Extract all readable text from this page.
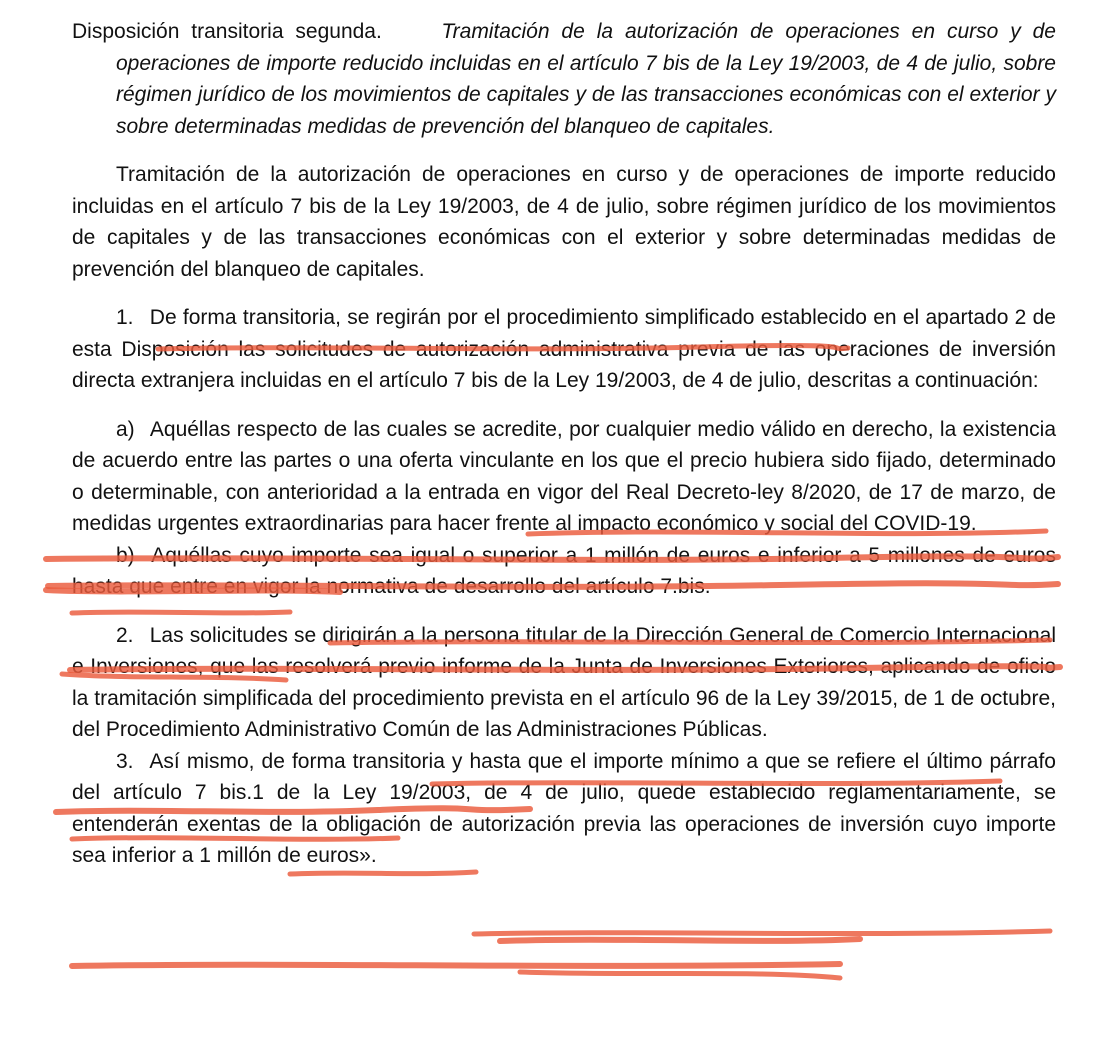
Disposición transitoria segunda.	Tramitación de la autorización de operaciones en curso y de operaciones de importe reducido incluidas en el artículo 7 bis de la Ley 19/2003, de 4 de julio, sobre régimen jurídico de los movimientos de capitales y de las transacciones económicas con el exterior y sobre determinadas medidas de prevención del blanqueo de capitales.

Tramitación de la autorización de operaciones en curso y de operaciones de importe reducido incluidas en el artículo 7 bis de la Ley 19/2003, de 4 de julio, sobre régimen jurídico de los movimientos de capitales y de las transacciones económicas con el exterior y sobre determinadas medidas de prevención del blanqueo de capitales.

1. De forma transitoria, se regirán por el procedimiento simplificado establecido en el apartado 2 de esta Disposición las solicitudes de autorización administrativa previa de las operaciones de inversión directa extranjera incluidas en el artículo 7 bis de la Ley 19/2003, de 4 de julio, descritas a continuación:

a) Aquéllas respecto de las cuales se acredite, por cualquier medio válido en derecho, la existencia de acuerdo entre las partes o una oferta vinculante en los que el precio hubiera sido fijado, determinado o determinable, con anterioridad a la entrada en vigor del Real Decreto-ley 8/2020, de 17 de marzo, de medidas urgentes extraordinarias para hacer frente al impacto económico y social del COVID-19.

b) Aquéllas cuyo importe sea igual o superior a 1 millón de euros e inferior a 5 millones de euros hasta que entre en vigor la normativa de desarrollo del artículo 7.bis.

2. Las solicitudes se dirigirán a la persona titular de la Dirección General de Comercio Internacional e Inversiones, que las resolverá previo informe de la Junta de Inversiones Exteriores, aplicando de oficio la tramitación simplificada del procedimiento prevista en el artículo 96 de la Ley 39/2015, de 1 de octubre, del Procedimiento Administrativo Común de las Administraciones Públicas.

3. Así mismo, de forma transitoria y hasta que el importe mínimo a que se refiere el último párrafo del artículo 7 bis.1 de la Ley 19/2003, de 4 de julio, quede establecido reglamentariamente, se entenderán exentas de la obligación de autorización previa las operaciones de inversión cuyo importe sea inferior a 1 millón de euros».
